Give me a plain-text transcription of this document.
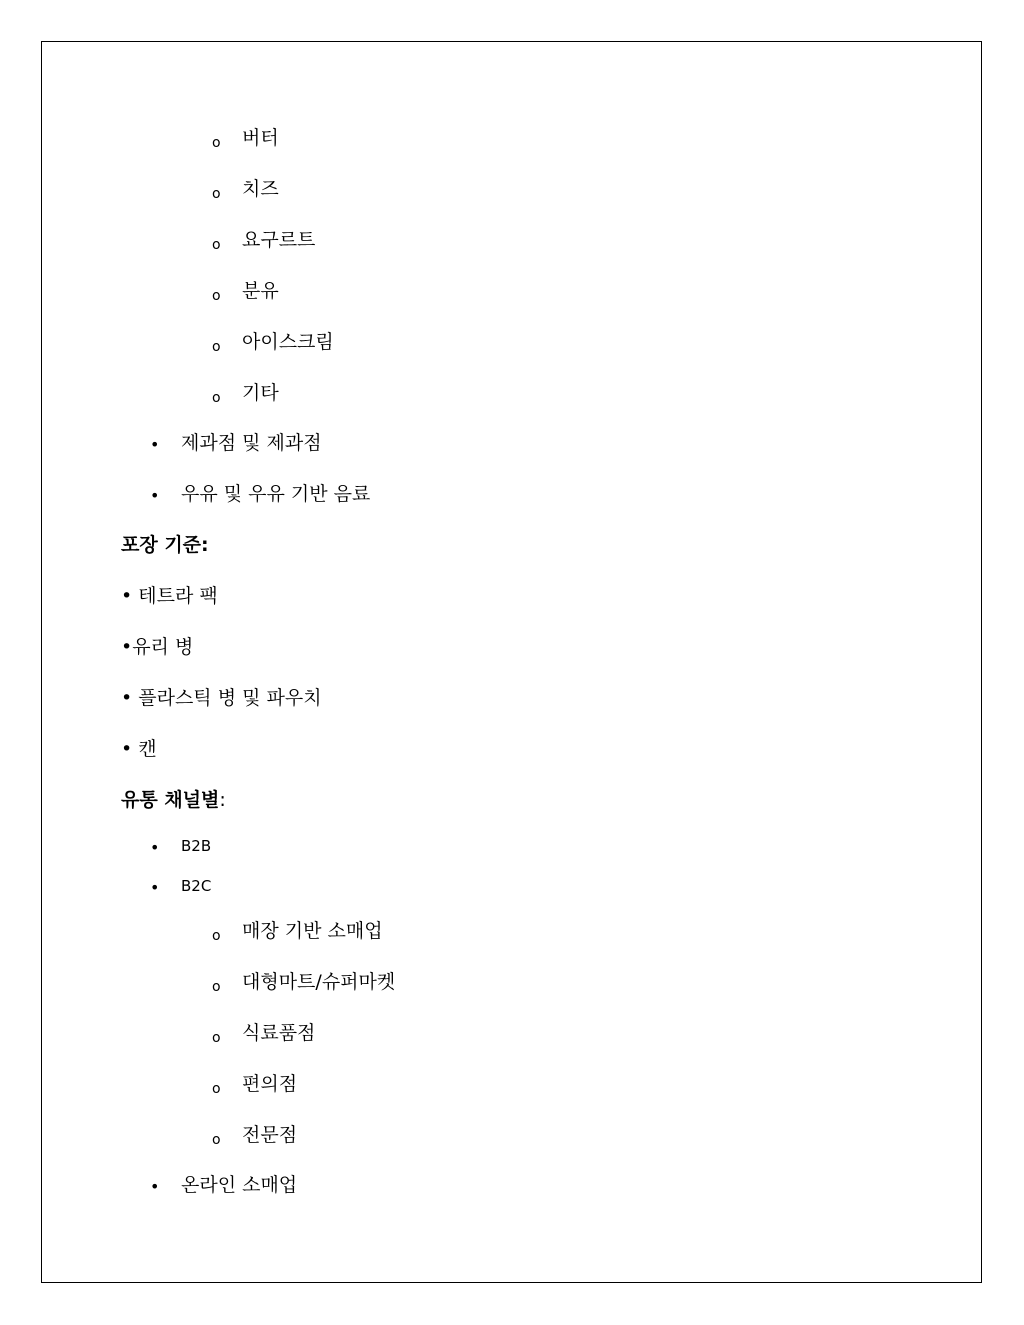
o 버터
o 치즈
o 요구르트
o 분유
o 아이스크림
o 기타
• 제과점 및 제과점
• 우유 및 우유 기반 음료
포장 기준:
• 테트라 팩
•유리 병
• 플라스틱 병 및 파우치
• 캔
유통 채널별:
• B2B
• B2C
o 매장 기반 소매업
o 대형마트/슈퍼마켓
o 식료품점
o 편의점
o 전문점
• 온라인 소매업
